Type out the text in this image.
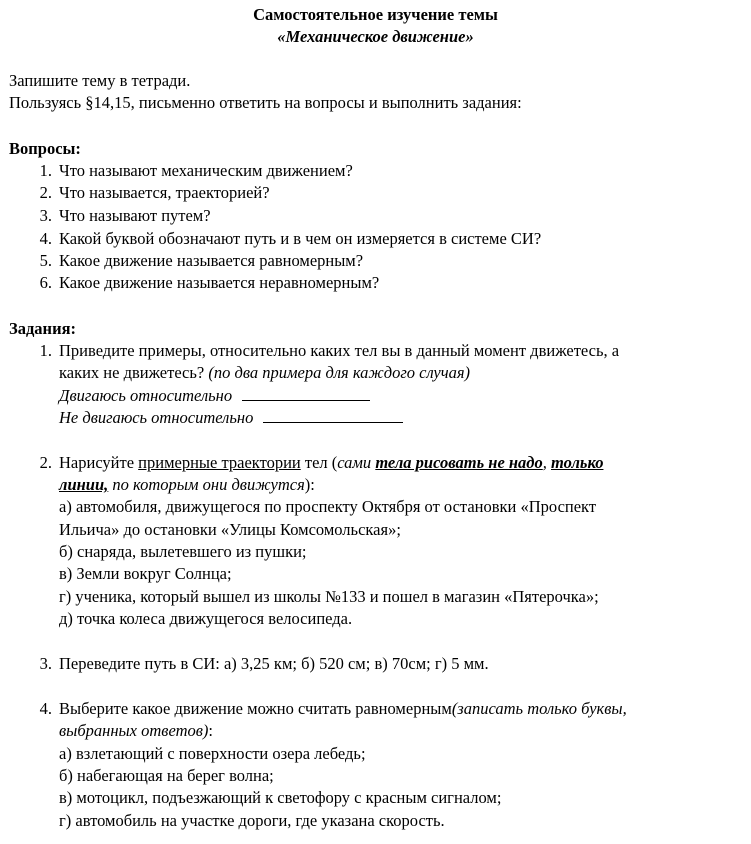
Самостоятельное изучение темы
«Механическое движение»
Запишите тему в тетради.
Пользуясь §14,15, письменно ответить на вопросы и выполнить задания:
Вопросы:
1. Что называют механическим движением?
2. Что называется, траекторией?
3. Что называют путем?
4. Какой буквой обозначают путь и в чем он измеряется в системе СИ?
5. Какое движение называется равномерным?
6. Какое движение называется неравномерным?
Задания:
1. Приведите примеры, относительно каких тел вы в данный момент движетесь, а
каких не движетесь? (по два примера для каждого случая)
Двигаюсь относительно
Не двигаюсь относительно
2. Нарисуйте примерные траектории тел (сами тела рисовать не надо, только
линии, по которым они движутся):
а) автомобиля, движущегося по проспекту Октября от остановки «Проспект
Ильича» до остановки «Улицы Комсомольская»;
б) снаряда, вылетевшего из пушки;
в) Земли вокруг Солнца;
г) ученика, который вышел из школы №133 и пошел в магазин «Пятерочка»;
д) точка колеса движущегося велосипеда.
3. Переведите путь в СИ: а) 3,25 км; б) 520 см; в) 70см; г) 5 мм.
4. Выберите какое движение можно считать равномерным(записать только буквы,
выбранных ответов):
а) взлетающий с поверхности озера лебедь;
б) набегающая на берег волна;
в) мотоцикл, подъезжающий к светофору с красным сигналом;
г) автомобиль на участке дороги, где указана скорость.
